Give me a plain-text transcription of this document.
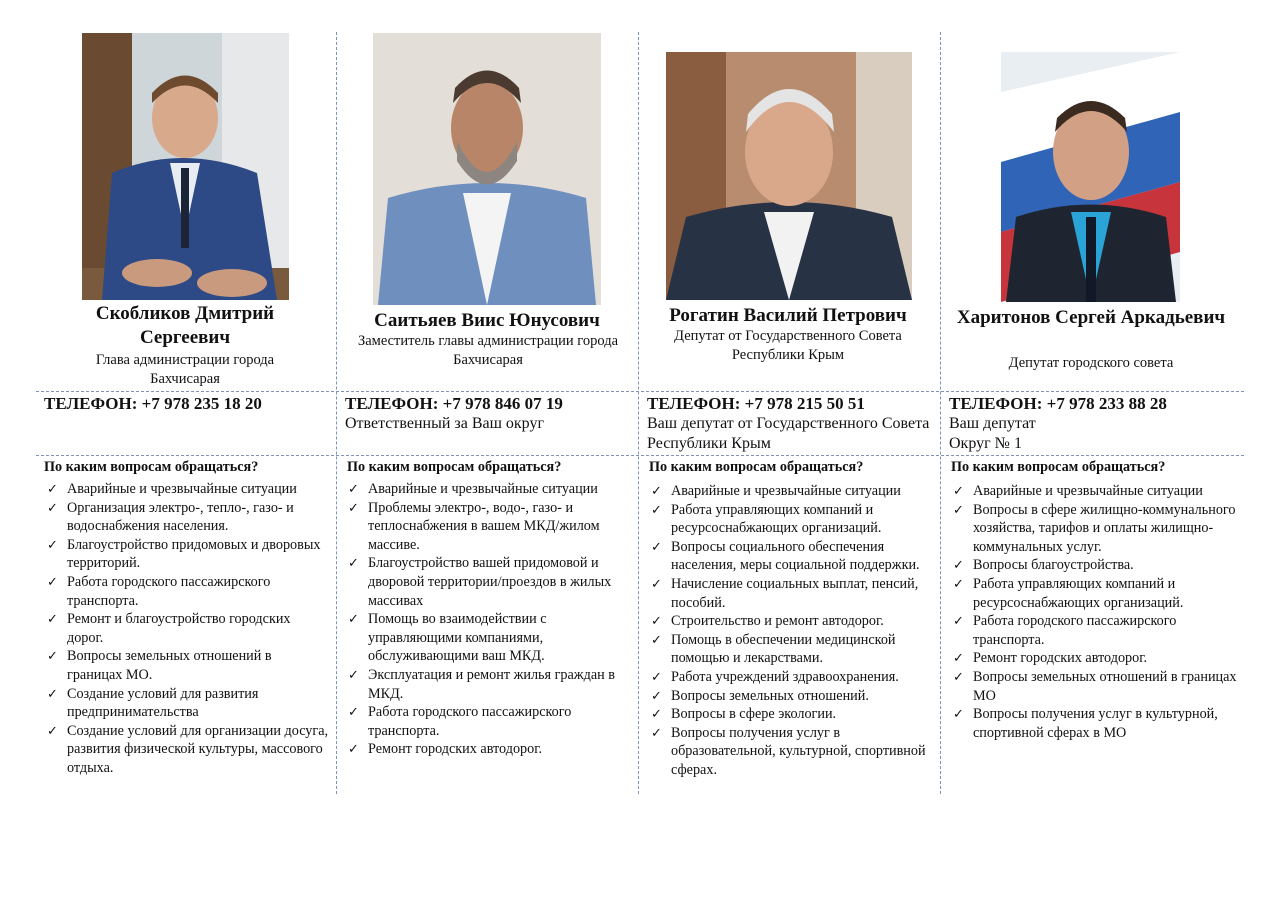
Скобликов Дмитрий Сергеевич
Глава администрации города Бахчисарая
ТЕЛЕФОН: +7 978 235 18 20
По каким вопросам обращаться?
✓ Аварийные и чрезвычайные ситуации
✓ Организация электро-, тепло-, газо- и водоснабжения населения.
✓ Благоустройство придомовых и дворовых территорий.
✓ Работа городского пассажирского транспорта.
✓ Ремонт и благоустройство городских дорог.
✓ Вопросы земельных отношений в границах МО.
✓ Создание условий для развития предпринимательства
✓ Создание условий для организации досуга, развития физической культуры, массового отдыха.
Саитьяев Виис Юнусович
Заместитель главы администрации города Бахчисарая
ТЕЛЕФОН: +7 978 846 07 19
Ответственный за Ваш округ
По каким вопросам обращаться?
✓ Аварийные и чрезвычайные ситуации
✓ Проблемы электро-, водо-, газо- и теплоснабжения в вашем МКД/жилом массиве.
✓ Благоустройство вашей придомовой и дворовой территории/проездов в жилых массивах
✓ Помощь во взаимодействии с управляющими компаниями, обслуживающими ваш МКД.
✓ Эксплуатация и ремонт жилья граждан в МКД.
✓ Работа городского пассажирского транспорта.
✓ Ремонт городских автодорог.
Рогатин Василий Петрович
Депутат от Государственного Совета Республики Крым
ТЕЛЕФОН: +7 978 215 50 51
Ваш депутат от Государственного Совета Республики Крым
По каким вопросам обращаться?
✓ Аварийные и чрезвычайные ситуации
✓ Работа управляющих компаний и ресурсоснабжающих организаций.
✓ Вопросы социального обеспечения населения, меры социальной поддержки.
✓ Начисление социальных выплат, пенсий, пособий.
✓ Строительство и ремонт автодорог.
✓ Помощь в обеспечении медицинской помощью и лекарствами.
✓ Работа учреждений здравоохранения.
✓ Вопросы земельных отношений.
✓ Вопросы в сфере экологии.
✓ Вопросы получения услуг в образовательной, культурной, спортивной сферах.
Харитонов Сергей Аркадьевич
Депутат городского совета
ТЕЛЕФОН: +7 978 233 88 28
Ваш депутат Округ № 1
По каким вопросам обращаться?
✓ Аварийные и чрезвычайные ситуации
✓ Вопросы в сфере жилищно-коммунального хозяйства, тарифов и оплаты жилищно-коммунальных услуг.
✓ Вопросы благоустройства.
✓ Работа управляющих компаний и ресурсоснабжающих организаций.
✓ Работа городского пассажирского транспорта.
✓ Ремонт городских автодорог.
✓ Вопросы земельных отношений в границах МО
✓ Вопросы получения услуг в культурной, спортивной сферах в МО
